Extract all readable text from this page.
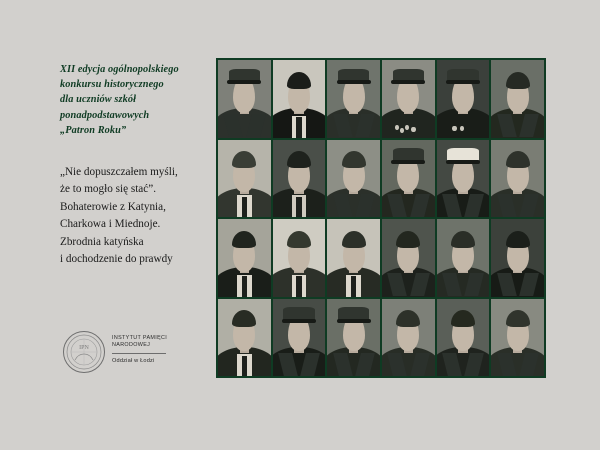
XII edycja ogólnopolskiego
konkursu historycznego
dla uczniów szkół
ponadpodstawowych
„Patron Roku”
„Nie dopuszczałem myśli,
że to mogło się stać”.
Bohaterowie z Katynia,
Charkowa i Miednoje.
Zbrodnia katyńska
i dochodzenie do prawdy
IPN
INSTYTUT PAMIĘCI
NARODOWEJ
Oddział w Łodzi
